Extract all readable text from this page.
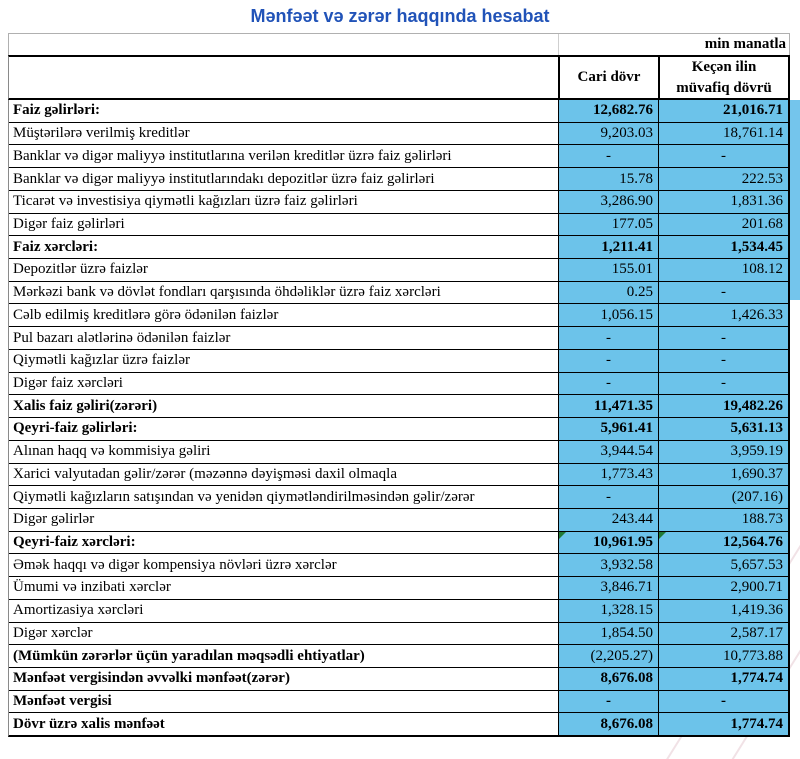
Mənfəət və zərər haqqında hesabat
min manatla
Cari dövr
Keçən ilin
müvafiq dövrü
Faiz gəlirləri:	12,682.76	21,016.71
Müştərilərə verilmiş kreditlər	9,203.03	18,761.14
Banklar və digər maliyyə institutlarına verilən kreditlər üzrə faiz gəlirləri	-	-
Banklar və digər maliyyə institutlarındakı depozitlər üzrə faiz gəlirləri	15.78	222.53
Ticarət və investisiya qiymətli kağızları üzrə faiz gəlirləri	3,286.90	1,831.36
Digər faiz gəlirləri	177.05	201.68
Faiz xərcləri:	1,211.41	1,534.45
Depozitlər üzrə faizlər	155.01	108.12
Mərkəzi bank və dövlət fondları qarşısında öhdəliklər üzrə faiz xərcləri	0.25	-
Cəlb edilmiş kreditlərə görə ödənilən faizlər	1,056.15	1,426.33
Pul bazarı alətlərinə ödənilən faizlər	-	-
Qiymətli kağızlar üzrə faizlər	-	-
Digər faiz xərcləri	-	-
Xalis faiz gəliri(zərəri)	11,471.35	19,482.26
Qeyri-faiz gəlirləri:	5,961.41	5,631.13
Alınan haqq və kommisiya gəliri	3,944.54	3,959.19
Xarici valyutadan gəlir/zərər (məzənnə dəyişməsi daxil olmaqla	1,773.43	1,690.37
Qiymətli kağızların satışından və yenidən qiymətləndirilməsindən gəlir/zərər	-	(207.16)
Digər gəlirlər	243.44	188.73
Qeyri-faiz xərcləri:	10,961.95	12,564.76
Əmək haqqı və digər kompensiya növləri üzrə xərclər	3,932.58	5,657.53
Ümumi və inzibati xərclər	3,846.71	2,900.71
Amortizasiya xərcləri	1,328.15	1,419.36
Digər xərclər	1,854.50	2,587.17
(Mümkün zərərlər üçün yaradılan məqsədli ehtiyatlar)	(2,205.27)	10,773.88
Mənfəət vergisindən əvvəlki mənfəət(zərər)	8,676.08	1,774.74
Mənfəət vergisi	-	-
Dövr üzrə xalis mənfəət	8,676.08	1,774.74
